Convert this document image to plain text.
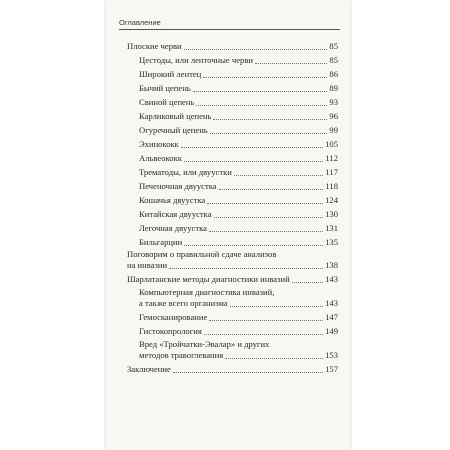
Оглавление
Плоские черви	85
Цестоды, или ленточные черви	85
Широкий лентец	86
Бычий цепень	89
Свиной цепень	93
Карликовый цепень	96
Огуречный цепень	99
Эхинококк	105
Альвеококк	112
Трематоды, или двуустки	117
Печеночная двуустка	118
Кошачья двуустка	124
Китайская двуустка	130
Легочная двуустка	131
Бильгарции	135
Поговорим о правильной сдаче анализов
на инвазии	138
Шарлатанские методы диагностики инвазий	143
Компьютерная диагностика инвазий,
а также всего организма	143
Гемосканирование	147
Гистокопрология	149
Вред «Тройчатки-Эвалар» и других
методов травоглевания	153
Заключение	157
